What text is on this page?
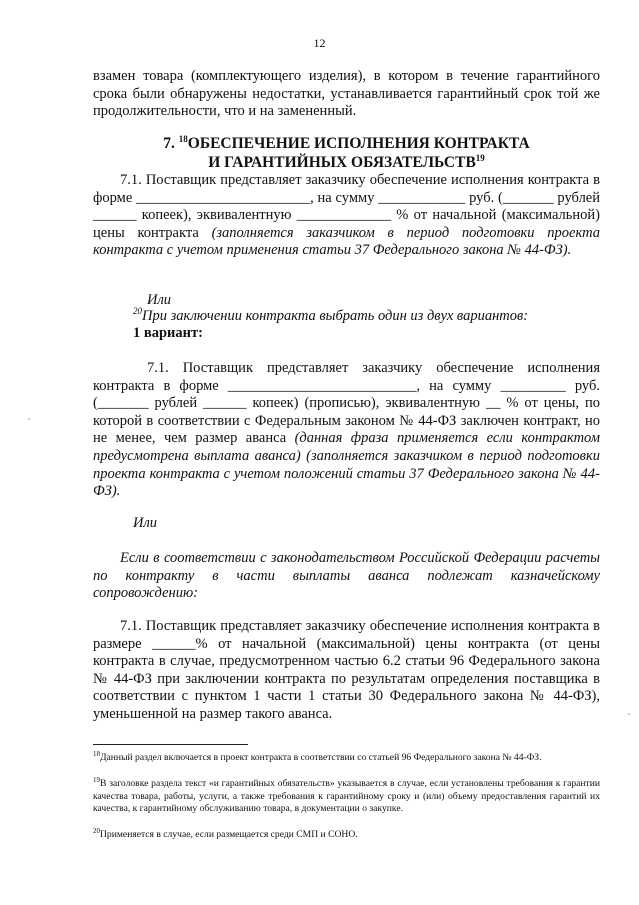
12

взамен товара (комплектующего изделия), в котором в течение гарантийного срока были обнаружены недостатки, устанавливается гарантийный срок той же продолжительности, что и на замененный.

7. $^{18}$ОБЕСПЕЧЕНИЕ ИСПОЛНЕНИЯ КОНТРАКТА
И ГАРАНТИЙНЫХ ОБЯЗАТЕЛЬСТВ$^{19}$

7.1. Поставщик представляет заказчику обеспечение исполнения контракта в форме ________________________, на сумму ____________ руб. (_______ рублей ______ копеек), эквивалентную _____________ % от начальной (максимальной) цены контракта (заполняется заказчиком в период подготовки проекта контракта с учетом применения статьи 37 Федерального закона № 44-ФЗ).

Или
$^{20}$При заключении контракта выбрать один из двух вариантов:
1 вариант:

7.1. Поставщик представляет заказчику обеспечение исполнения контракта в форме __________________________, на сумму _________ руб. (_______ рублей ______ копеек) (прописью), эквивалентную __ % от цены, по которой в соответствии с Федеральным законом № 44-ФЗ заключен контракт, но не менее, чем размер аванса (данная фраза применяется если контрактом предусмотрена выплата аванса) (заполняется заказчиком в период подготовки проекта контракта с учетом положений статьи 37 Федерального закона № 44-ФЗ).

Или

Если в соответствии с законодательством Российской Федерации расчеты по контракту в части выплаты аванса подлежат казначейскому сопровождению:

7.1. Поставщик представляет заказчику обеспечение исполнения контракта в размере ______% от начальной (максимальной) цены контракта (от цены контракта в случае, предусмотренном частью 6.2 статьи 96 Федерального закона № 44-ФЗ при заключении контракта по результатам определения поставщика в соответствии с пунктом 1 части 1 статьи 30 Федерального закона № 44-ФЗ), уменьшенной на размер такого аванса.

$^{18}$Данный раздел включается в проект контракта в соответствии со статьей 96 Федерального закона № 44-ФЗ.
$^{19}$В заголовке раздела текст «и гарантийных обязательств» указывается в случае, если установлены требования к гарантии качества товара, работы, услуги, а также требования к гарантийному сроку и (или) объему предоставления гарантий их качества, к гарантийному обслуживанию товара, в документации о закупке.
$^{20}$Применяется в случае, если размещается среди СМП и СОНО.
